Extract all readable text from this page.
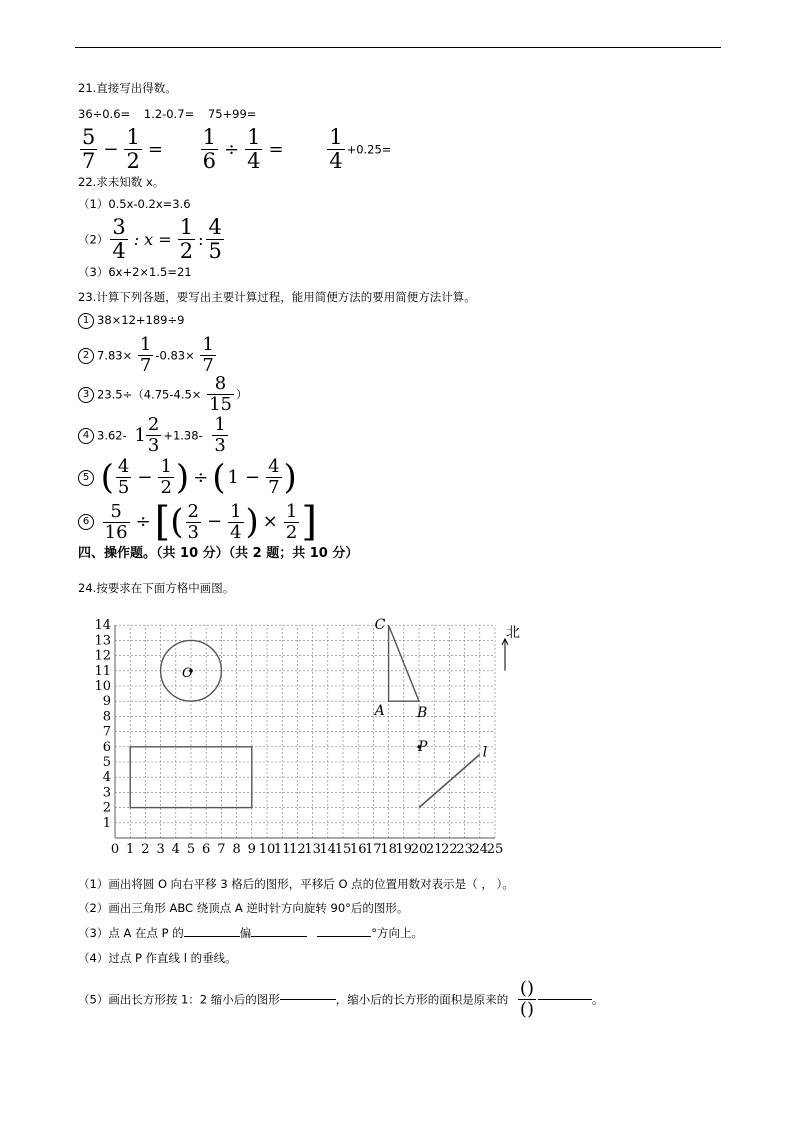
21.直接写出得数。
36÷0.6= 1.2-0.7= 75+99=
$\frac{5}{7} - \frac{1}{2} = \frac{1}{6} \div \frac{1}{4} = \frac{1}{4} +0.25=$
22.求未知数 x。
（1）0.5x-0.2x=3.6
$(2) \frac{3}{4}$ : $x = \frac{1}{2}$ : $\frac{4}{5}$
（3）6x+2×1.5=21
23.计算下列各题，要写出主要计算过程，能用简便方法的要用简便方法计算。
1 38×12+189÷9
2 $7.83\times \frac{1}{7} -0.83\times \frac{1}{7}$
3 $23.5\div(4.75-4.5\times \frac{8}{15}$ ）
4 3.62- $1 \frac{2}{3} +1.38- \frac{1}{3}$
5 ( $\frac{4}{5} - \frac{1}{2}$ ) ÷ ( $1 - \frac{4}{7}$ )
$6 \frac{5}{16}$ ÷ [( $\frac{2}{3} - \frac{1}{4}$ ) × $\frac{1}{2}$ ]
四、操作题。（共 10 分）（共 2 题；共 10 分）
24.按要求在下面方格中画图。
0 1 2 3 4 5 6 7 8 9 10
11
12
13
14
15
16
17
18
19
20
21
22
23
24
25
1
2
3
4
5
6
7
8
9
10
11
12
13
14	北
O
A B
C
P	l
（1）画出将圆 O 向右平移 3 格后的图形，平移后 O 点的位置用数对表示是（ ， ）。
（2）画出三角形 ABC 绕顶点 A 逆时针方向旋转 90°后的图形。
（3）点 A 在点 P 的	偏	°方向上。
（4）过点 P 作直线 l 的垂线。
（5）画出长方形按 1：2 缩小后的图形	，缩小后的长方形的面积是原来的 $\frac{()}{()}$	。
